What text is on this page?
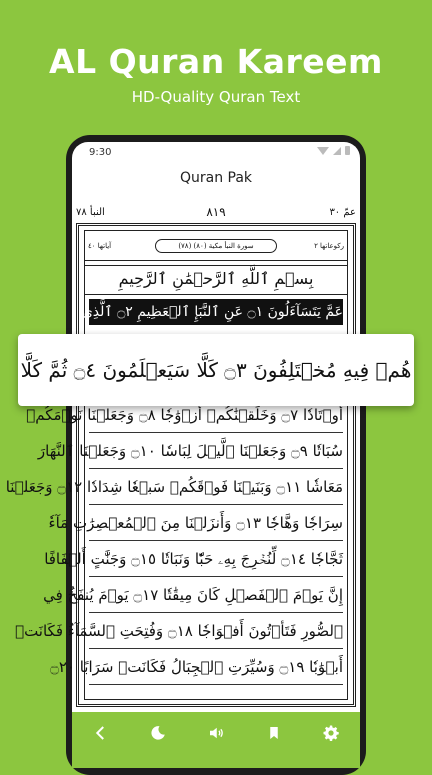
AL Quran Kareem
HD-Quality Quran Text
9:30
Quran Pak
النبأ ٧٨	٨١٩	عمّ ٣٠
آياتها ٤٠	(٧٨) سورة النبأ مكية (٨٠)	ركوعاتها ٢
بِسۡمِ ٱللَّهِ ٱلرَّحۡمَٰنِ ٱلرَّحِيمِ
عَمَّ يَتَسَآءَلُونَ ۝١ عَنِ ٱلنَّبَإِ ٱلۡعَظِيمِ ۝٢ ٱلَّذِي
أَوۡتَادٗا ۝٧ وَخَلَقۡنَٰكُمۡ أَزۡوَٰجٗا ۝٨ وَجَعَلۡنَا نَوۡمَكُمۡ
سُبَاتٗا ۝٩ وَجَعَلۡنَا ٱلَّيۡلَ لِبَاسٗا ۝١٠ وَجَعَلۡنَا ٱلنَّهَارَ
مَعَاشٗا ۝١١ وَبَنَيۡنَا فَوۡقَكُمۡ سَبۡعٗا شِدَادٗا ۝١٢ وَجَعَلۡنَا
سِرَاجٗا وَهَّاجٗا ۝١٣ وَأَنزَلۡنَا مِنَ ٱلۡمُعۡصِرَٰتِ مَآءٗ
ثَجَّاجٗا ۝١٤ لِّنُخۡرِجَ بِهِۦ حَبّٗا وَنَبَاتٗا ۝١٥ وَجَنَّٰتٍ أَلۡفَافًا
إِنَّ يَوۡمَ ٱلۡفَصۡلِ كَانَ مِيقَٰتٗا ۝١٧ يَوۡمَ يُنفَخُ فِي
ٱلصُّورِ فَتَأۡتُونَ أَفۡوَاجٗا ۝١٨ وَفُتِحَتِ ٱلسَّمَآءُ فَكَانَتۡ
أَبۡوَٰبٗا ۝١٩ وَسُيِّرَتِ ٱلۡجِبَالُ فَكَانَتۡ سَرَابًا ۝٢٠
هُمۡ فِيهِ مُخۡتَلِفُونَ ۝٣ كَلَّا سَيَعۡلَمُونَ ۝٤ ثُمَّ كَلَّا
